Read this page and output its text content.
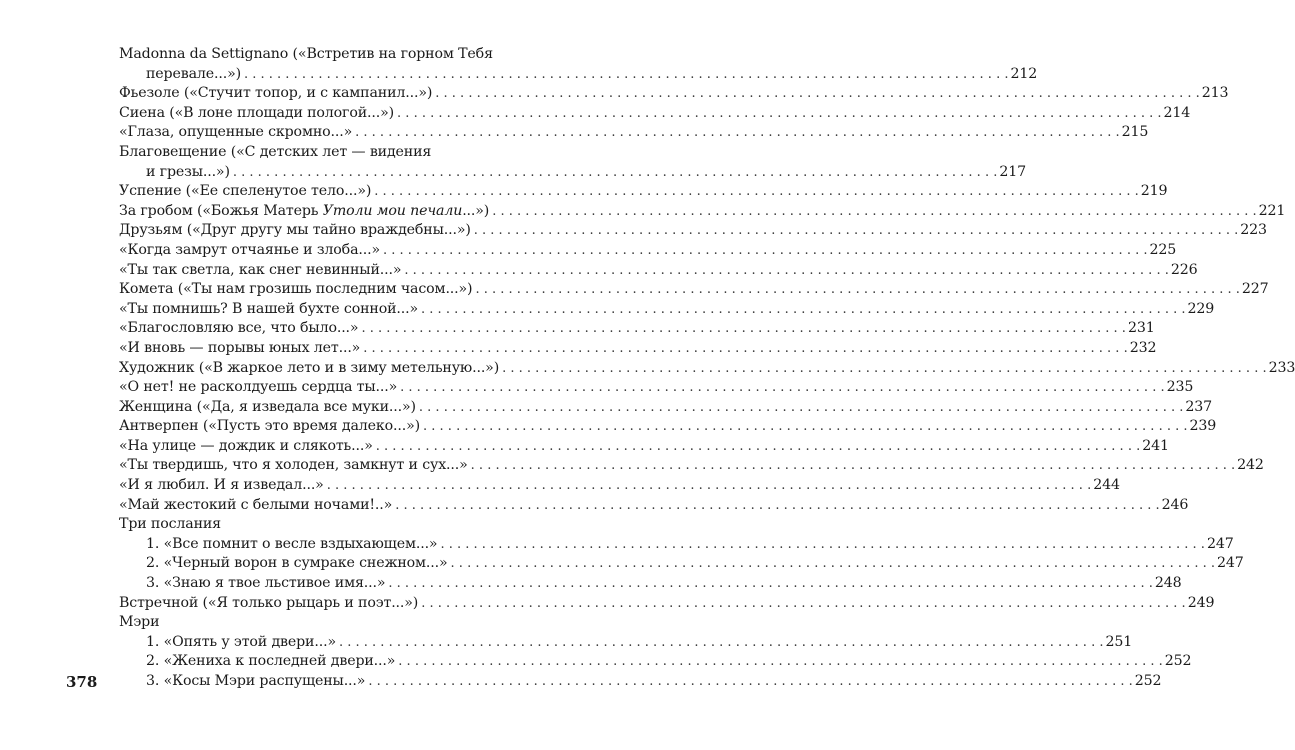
Madonna da Settignano («Встретив на горном Тебя
перевале...») . . .	212
Фьезоле («Стучит топор, и с кампанил...») . . .	213
Сиена («В лоне площади пологой...») . . .	214
«Глаза, опущенные скромно...» . . .	215
Благовещение («С детских лет — видения
и грезы...») . . .	217
Успение («Ее спеленутое тело...») . . .	219
За гробом («Божья Матерь Утоли мои печали...») . . .	221
Друзьям («Друг другу мы тайно враждебны...») . . .	223
«Когда замрут отчаянье и злоба...» . . .	225
«Ты так светла, как снег невинный...» . . .	226
Комета («Ты нам грозишь последним часом...») . . .	227
«Ты помнишь? В нашей бухте сонной...» . . .	229
«Благословляю все, что было...» . . .	231
«И вновь — порывы юных лет...» . . .	232
Художник («В жаркое лето и в зиму метельную...») . . .	233
«О нет! не расколдуешь сердца ты...» . . .	235
Женщина («Да, я изведала все муки...») . . .	237
Антверпен («Пусть это время далеко...») . . .	239
«На улице — дождик и слякоть...» . . .	241
«Ты твердишь, что я холоден, замкнут и сух...» . . .	242
«И я любил. И я изведал...» . . .	244
«Май жестокий с белыми ночами!..» . . .	246
Три послания
1. «Все помнит о весле вздыхающем...» . . .	247
2. «Черный ворон в сумраке снежном...» . . .	247
3. «Знаю я твое льстивое имя...» . . .	248
Встречной («Я только рыцарь и поэт...») . . .	249
Мэри
1. «Опять у этой двери...» . . .	251
2. «Жениха к последней двери...» . . .	252
3. «Косы Мэри распущены...» . . .	252
378
